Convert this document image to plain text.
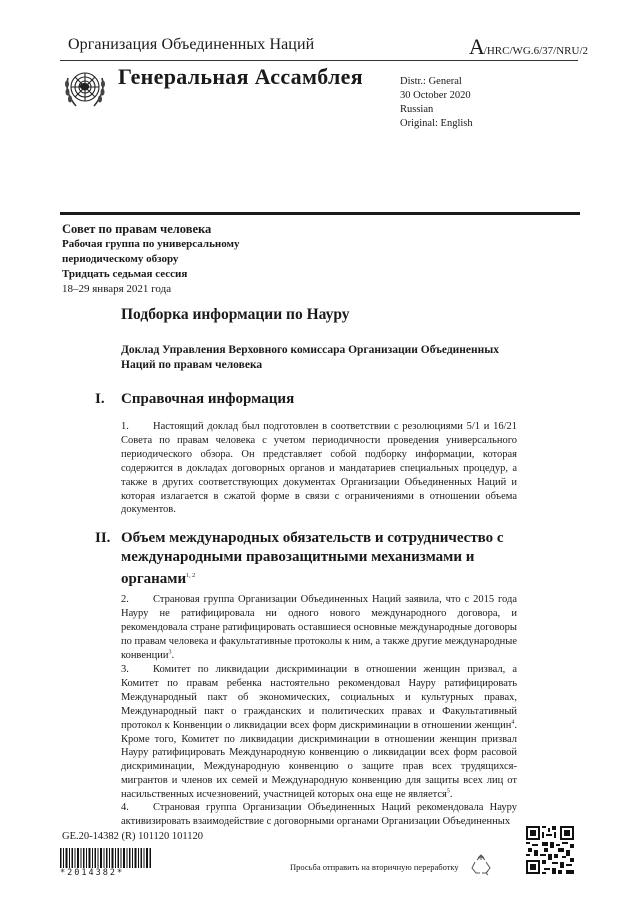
Организация Объединенных Наций	A/HRC/WG.6/37/NRU/2
Генеральная Ассамблея	Distr.: General
30 October 2020
Russian
Original: English
Совет по правам человека
Рабочая группа по универсальному
периодическому обзору
Тридцать седьмая сессия
18–29 января 2021 года
Подборка информации по Науру
Доклад Управления Верховного комиссара Организации Объединенных Наций по правам человека
I. Справочная информация
1. Настоящий доклад был подготовлен в соответствии с резолюциями 5/1 и 16/21 Совета по правам человека с учетом периодичности проведения универсального периодического обзора. Он представляет собой подборку информации, которая содержится в докладах договорных органов и мандатариев специальных процедур, а также в других соответствующих документах Организации Объединенных Наций и которая излагается в сжатой форме в связи с ограничениями в отношении объема документов.
II. Объем международных обязательств и сотрудничество с международными правозащитными механизмами и органами$^{1, 2}$
2. Страновая группа Организации Объединенных Наций заявила, что с 2015 года Науру не ратифицировала ни одного нового международного договора, и рекомендовала стране ратифицировать оставшиеся основные международные договоры по правам человека и факультативные протоколы к ним, а также другие международные конвенции$^3$.
3. Комитет по ликвидации дискриминации в отношении женщин призвал, а Комитет по правам ребенка настоятельно рекомендовал Науру ратифицировать Международный пакт об экономических, социальных и культурных правах, Международный пакт о гражданских и политических правах и Факультативный протокол к Конвенции о ликвидации всех форм дискриминации в отношении женщин$^4$. Кроме того, Комитет по ликвидации дискриминации в отношении женщин призвал Науру ратифицировать Международную конвенцию о ликвидации всех форм расовой дискриминации, Международную конвенцию о защите прав всех трудящихся-мигрантов и членов их семей и Международную конвенцию для защиты всех лиц от насильственных исчезновений, участницей которых она еще не является$^5$.
4. Страновая группа Организации Объединенных Наций рекомендовала Науру активизировать взаимодействие с договорными органами Организации Объединенных
GE.20-14382 (R) 101120 101120
*2014382*
Просьба отправить на вторичную переработку
